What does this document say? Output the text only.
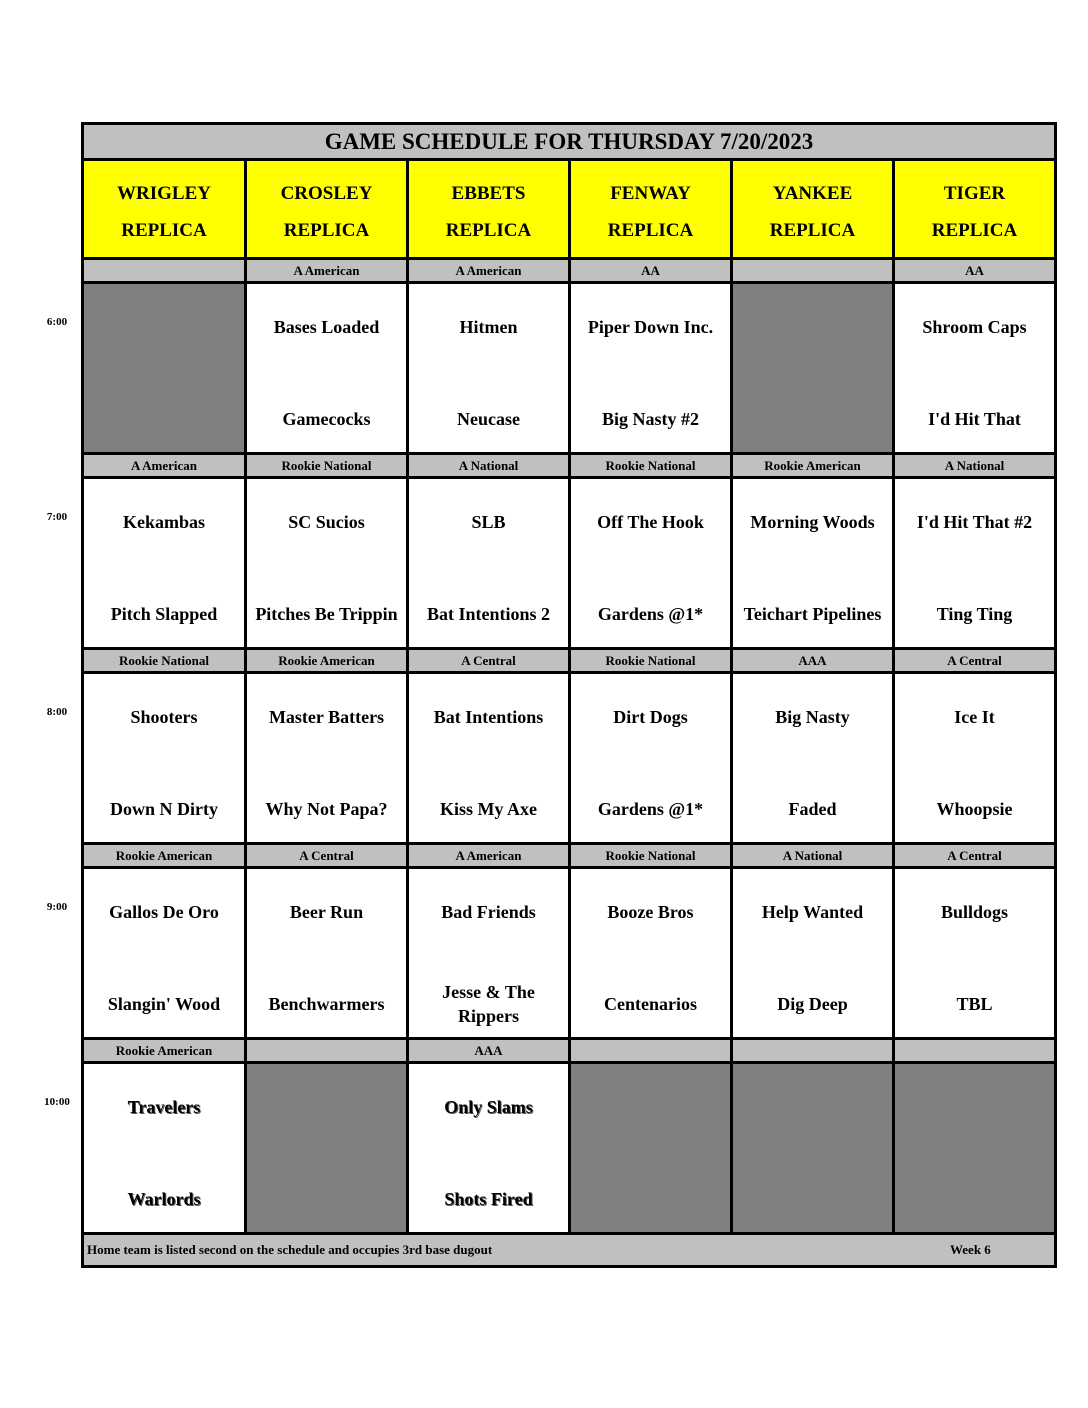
GAME SCHEDULE FOR THURSDAY 7/20/2023
WRIGLEY
REPLICA
CROSLEY
REPLICA
EBBETS
REPLICA
FENWAY
REPLICA
YANKEE
REPLICA
TIGER
REPLICA
A American
Bases Loaded
Gamecocks
A American
Hitmen
Neucase
AA
Piper Down Inc.
Big Nasty #2
AA
Shroom Caps
I'd Hit That
A American
Kekambas
Pitch Slapped
Rookie National
SC Sucios
Pitches Be Trippin
A National
SLB
Bat Intentions 2
Rookie National
Off The Hook
Gardens @1*
Rookie American
Morning Woods
Teichart Pipelines
A National
I'd Hit That #2
Ting Ting
Rookie National
Shooters
Down N Dirty
Rookie American
Master Batters
Why Not Papa?
A Central
Bat Intentions
Kiss My Axe
Rookie National
Dirt Dogs
Gardens @1*
AAA
Big Nasty
Faded
A Central
Ice It
Whoopsie
Rookie American
Gallos De Oro
Slangin' Wood
A Central
Beer Run
Benchwarmers
A American
Bad Friends
Jesse & The Rippers
Rookie National
Booze Bros
Centenarios
A National
Help Wanted
Dig Deep
A Central
Bulldogs
TBL
Rookie American
Travelers
Warlords
AAA
Only Slams
Shots Fired
Home team is listed second on the schedule and occupies 3rd base dugout	Week 6
6:00
7:00
8:00
9:00
10:00
